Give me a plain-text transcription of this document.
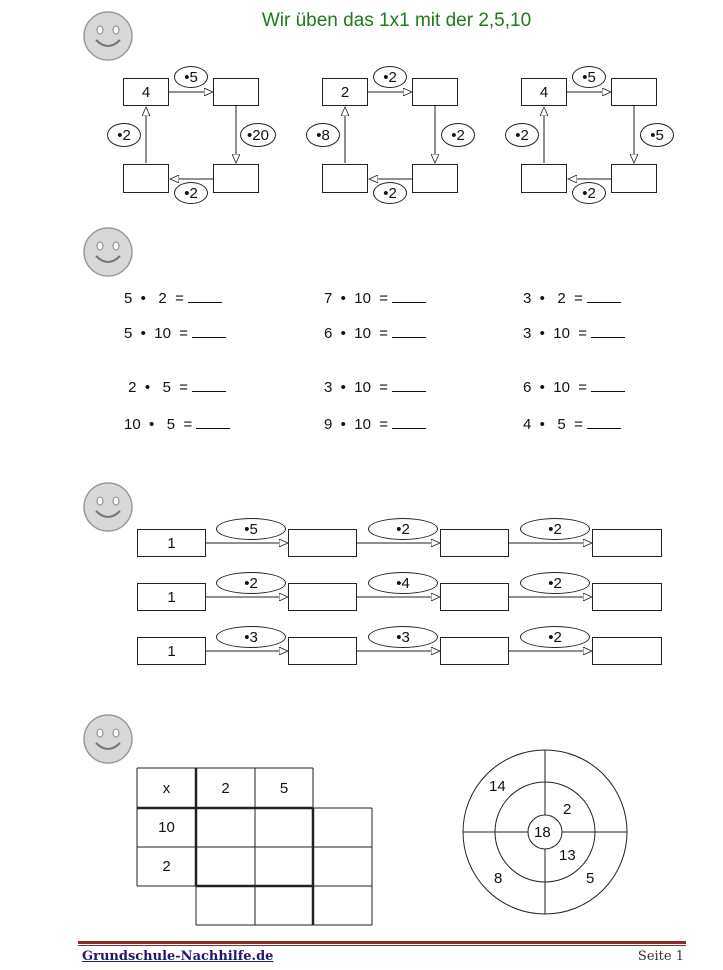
Wir üben das 1x1 mit der 2,5,10
4
•5
•20
•2
•2
2
•2
•2
•2
•8
4
•5
•5
•2
•2
5  •   2  =	7  •  10  =	3  •   2  =
5  •  10  =	6  •  10  =	3  •  10  =
2  •   5  =	3  •  10  =	6  •  10  =
10  •   5  =	9  •  10  =	4  •   5  =
1
•5	•2	•2
1
•2	•4	•2
1
•3	•3	•2
x	2	5
10
2
18
14
2
13
8	5
Grundschule-Nachhilfe.de	Seite 1
